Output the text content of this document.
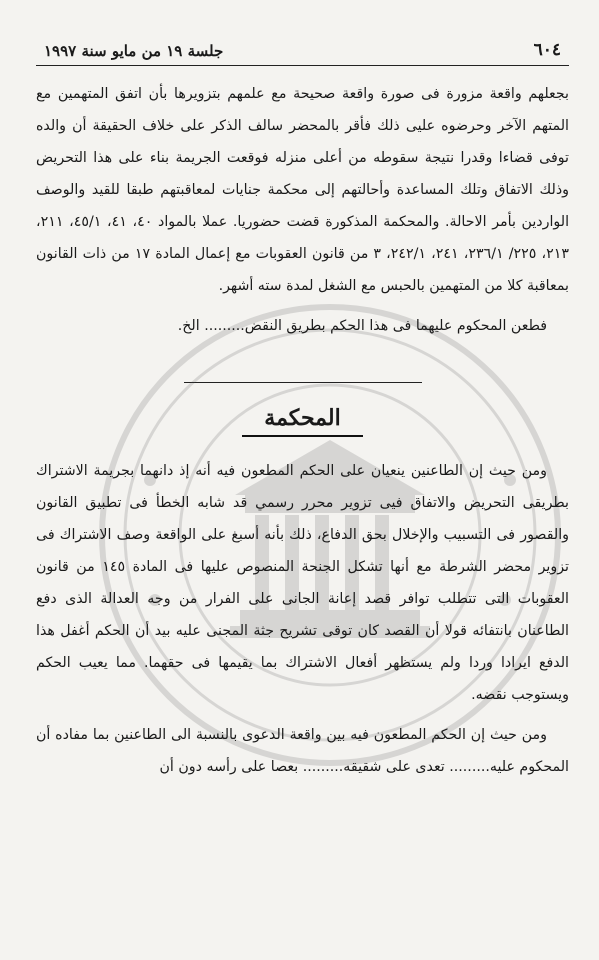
٦٠٤
جلسة ١٩ من مايو سنة ١٩٩٧

بجعلهم واقعة مزورة فى صورة واقعة صحيحة مع علمهم بتزويرها بأن اتفق المتهمين مع المتهم الآخر وحرضوه عليى ذلك فأقر بالمحضر سالف الذكر على خلاف الحقيقة أن والده توفى قضاءا وقدرا نتيجة سقوطه من أعلى منزله فوقعت الجريمة بناء على هذا التحريض وذلك الاتفاق وتلك المساعدة وأحالتهم إلى محكمة جنايات لمعاقبتهم طبقا للقيد والوصف الواردين بأمر الاحالة. والمحكمة المذكورة قضت حضوريا. عملا بالمواد ٤٠، ٤١، ٤٥/١، ٢١١، ٢١٣، ٢٢٥/ ٢٣٦/١، ٢٤١، ٢٤٢/١، ٣ من قانون العقوبات مع إعمال المادة ١٧ من ذات القانون بمعاقبة كلا من المتهمين بالحبس مع الشغل لمدة سته أشهر.

فطعن المحكوم عليهما فى هذا الحكم بطريق النقض......... الخ.

المحكمة

ومن حيث إن الطاعنين ينعيان على الحكم المطعون فيه أنه إذ دانهما بجريمة الاشتراك بطريقى التحريض والاتفاق فيى تزوير محرر رسمي قد شابه الخطأ فى تطبيق القانون والقصور فى التسبيب والإخلال بحق الدفاع، ذلك بأنه أسبغ على الواقعة وصف الاشتراك فى تزوير محضر الشرطة مع أنها تشكل الجنحة المنصوص عليها فى المادة ١٤٥ من قانون العقوبات التى تتطلب توافر قصد إعانة الجانى على الفرار من وجه العدالة الذى دفع الطاعنان بانتفائه قولا أن القصد كان توقى تشريح جثة المجنى عليه بيد أن الحكم أغفل هذا الدفع ايرادا وردا ولم يستظهر أفعال الاشتراك بما يقيمها فى حقهما. مما يعيب الحكم ويستوجب نقضه.

ومن حيث إن الحكم المطعون فيه بين واقعة الدعوى بالنسبة الى الطاعنين بما مفاده أن المحكوم عليه......... تعدى على شقيقه......... بعصا على رأسه دون أن
